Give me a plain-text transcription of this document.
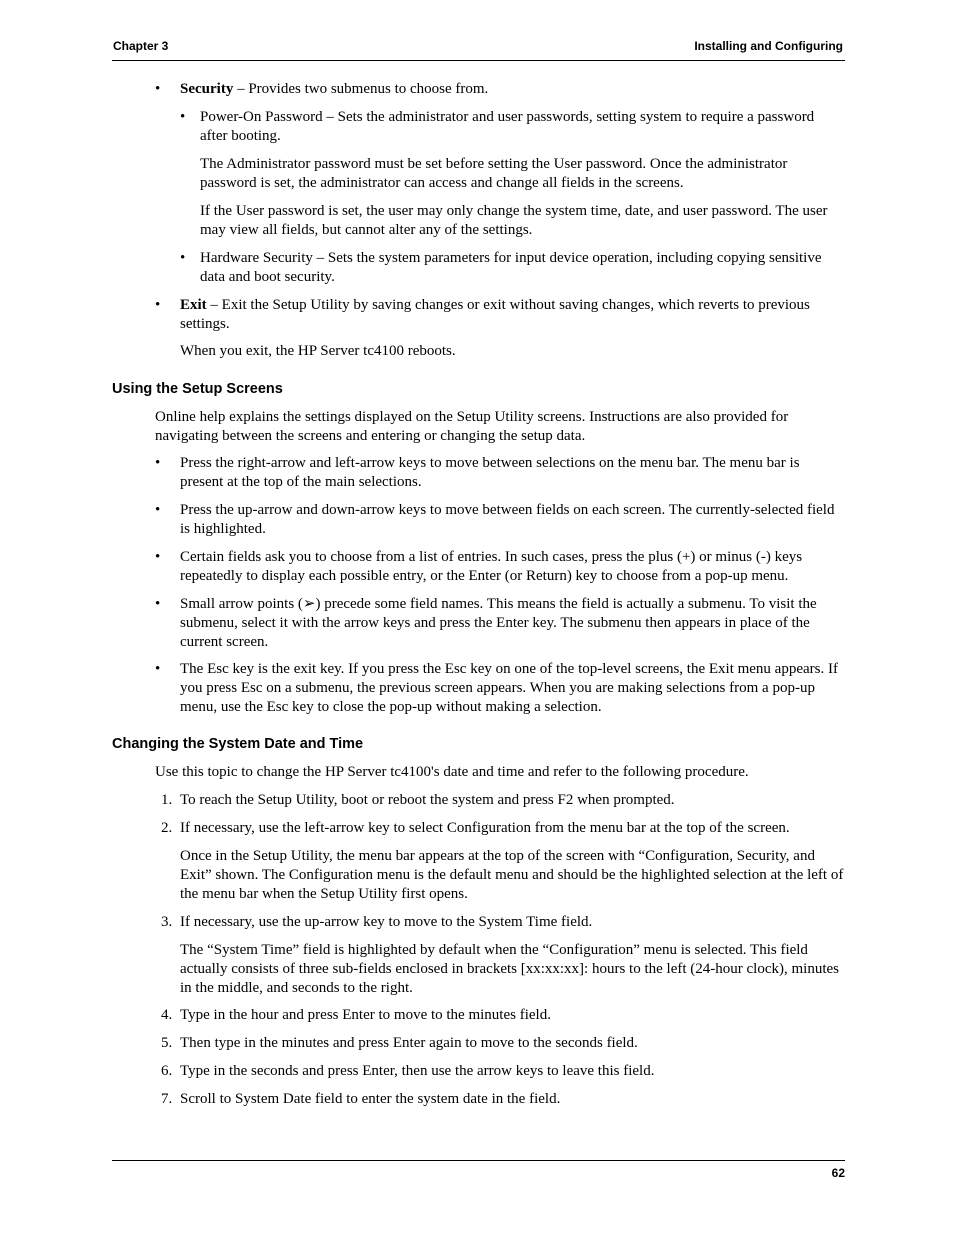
Chapter 3	Installing and Configuring
• Security – Provides two submenus to choose from.

• Power-On Password – Sets the administrator and user passwords, setting system to require a password after booting.

The Administrator password must be set before setting the User password. Once the administrator password is set, the administrator can access and change all fields in the screens.

If the User password is set, the user may only change the system time, date, and user password. The user may view all fields, but cannot alter any of the settings.

• Hardware Security – Sets the system parameters for input device operation, including copying sensitive data and boot security.

• Exit – Exit the Setup Utility by saving changes or exit without saving changes, which reverts to previous settings.

When you exit, the HP Server tc4100 reboots.

Using the Setup Screens

Online help explains the settings displayed on the Setup Utility screens. Instructions are also provided for navigating between the screens and entering or changing the setup data.

• Press the right-arrow and left-arrow keys to move between selections on the menu bar. The menu bar is present at the top of the main selections.

• Press the up-arrow and down-arrow keys to move between fields on each screen. The currently-selected field is highlighted.

• Certain fields ask you to choose from a list of entries. In such cases, press the plus (+) or minus (-) keys repeatedly to display each possible entry, or the Enter (or Return) key to choose from a pop-up menu.

• Small arrow points (➢) precede some field names. This means the field is actually a submenu. To visit the submenu, select it with the arrow keys and press the Enter key. The submenu then appears in place of the current screen.

• The Esc key is the exit key. If you press the Esc key on one of the top-level screens, the Exit menu appears. If you press Esc on a submenu, the previous screen appears. When you are making selections from a pop-up menu, use the Esc key to close the pop-up without making a selection.

Changing the System Date and Time

Use this topic to change the HP Server tc4100's date and time and refer to the following procedure.

1. To reach the Setup Utility, boot or reboot the system and press F2 when prompted.

2. If necessary, use the left-arrow key to select Configuration from the menu bar at the top of the screen.

Once in the Setup Utility, the menu bar appears at the top of the screen with “Configuration, Security, and Exit” shown. The Configuration menu is the default menu and should be the highlighted selection at the left of the menu bar when the Setup Utility first opens.

3. If necessary, use the up-arrow key to move to the System Time field.

The “System Time” field is highlighted by default when the “Configuration” menu is selected. This field actually consists of three sub-fields enclosed in brackets [xx:xx:xx]: hours to the left (24-hour clock), minutes in the middle, and seconds to the right.

4. Type in the hour and press Enter to move to the minutes field.

5. Then type in the minutes and press Enter again to move to the seconds field.

6. Type in the seconds and press Enter, then use the arrow keys to leave this field.

7. Scroll to System Date field to enter the system date in the field.

62
